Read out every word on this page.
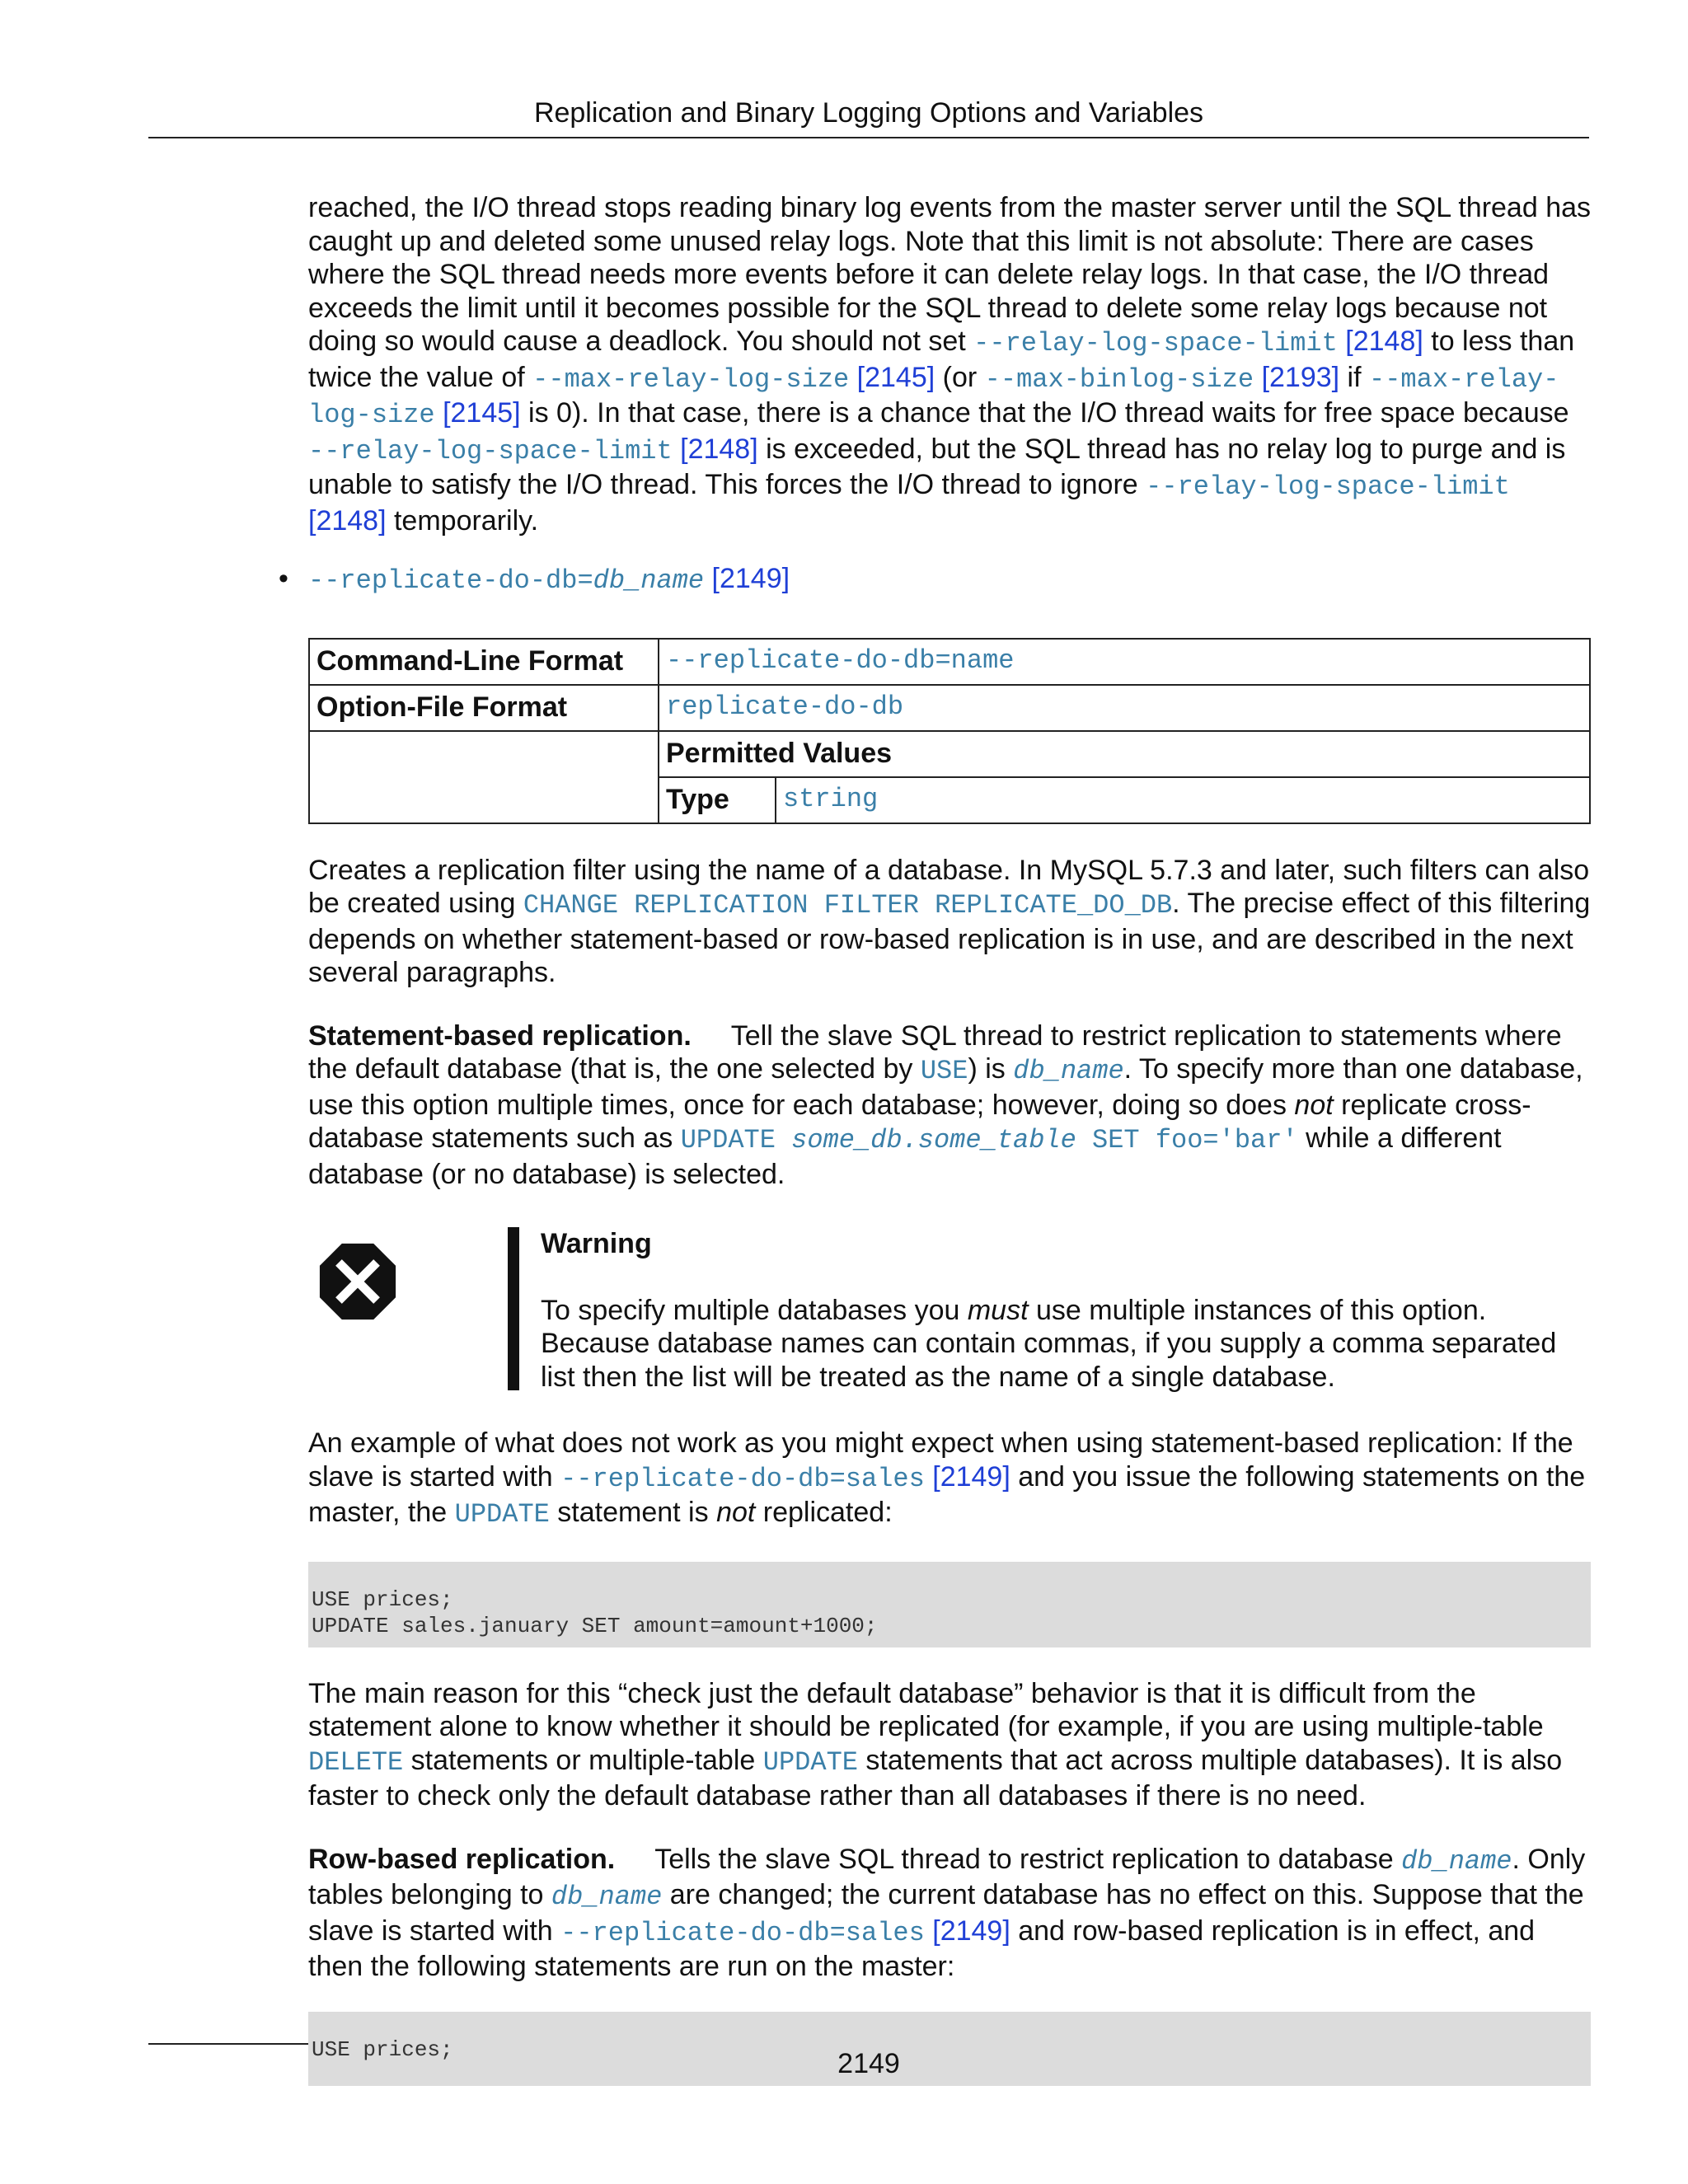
Replication and Binary Logging Options and Variables

reached, the I/O thread stops reading binary log events from the master server until the SQL thread has caught up and deleted some unused relay logs. Note that this limit is not absolute: There are cases where the SQL thread needs more events before it can delete relay logs. In that case, the I/O thread exceeds the limit until it becomes possible for the SQL thread to delete some relay logs because not doing so would cause a deadlock. You should not set --relay-log-space-limit [2148] to less than twice the value of --max-relay-log-size [2145] (or --max-binlog-size [2193] if --max-relay-log-size [2145] is 0). In that case, there is a chance that the I/O thread waits for free space because --relay-log-space-limit [2148] is exceeded, but the SQL thread has no relay log to purge and is unable to satisfy the I/O thread. This forces the I/O thread to ignore --relay-log-space-limit [2148] temporarily.

• --replicate-do-db=db_name [2149]

Command-Line Format	--replicate-do-db=name	
Option-File Format	replicate-do-db	
	Permitted Values	
	Type	string

Creates a replication filter using the name of a database. In MySQL 5.7.3 and later, such filters can also be created using CHANGE REPLICATION FILTER REPLICATE_DO_DB. The precise effect of this filtering depends on whether statement-based or row-based replication is in use, and are described in the next several paragraphs.

Statement-based replication. Tell the slave SQL thread to restrict replication to statements where the default database (that is, the one selected by USE) is db_name. To specify more than one database, use this option multiple times, once for each database; however, doing so does not replicate cross-database statements such as UPDATE some_db.some_table SET foo='bar' while a different database (or no database) is selected.

Warning
To specify multiple databases you must use multiple instances of this option. Because database names can contain commas, if you supply a comma separated list then the list will be treated as the name of a single database.

An example of what does not work as you might expect when using statement-based replication: If the slave is started with --replicate-do-db=sales [2149] and you issue the following statements on the master, the UPDATE statement is not replicated:

USE prices;
UPDATE sales.january SET amount=amount+1000;

The main reason for this “check just the default database” behavior is that it is difficult from the statement alone to know whether it should be replicated (for example, if you are using multiple-table DELETE statements or multiple-table UPDATE statements that act across multiple databases). It is also faster to check only the default database rather than all databases if there is no need.

Row-based replication. Tells the slave SQL thread to restrict replication to database db_name. Only tables belonging to db_name are changed; the current database has no effect on this. Suppose that the slave is started with --replicate-do-db=sales [2149] and row-based replication is in effect, and then the following statements are run on the master:

USE prices;	2149
